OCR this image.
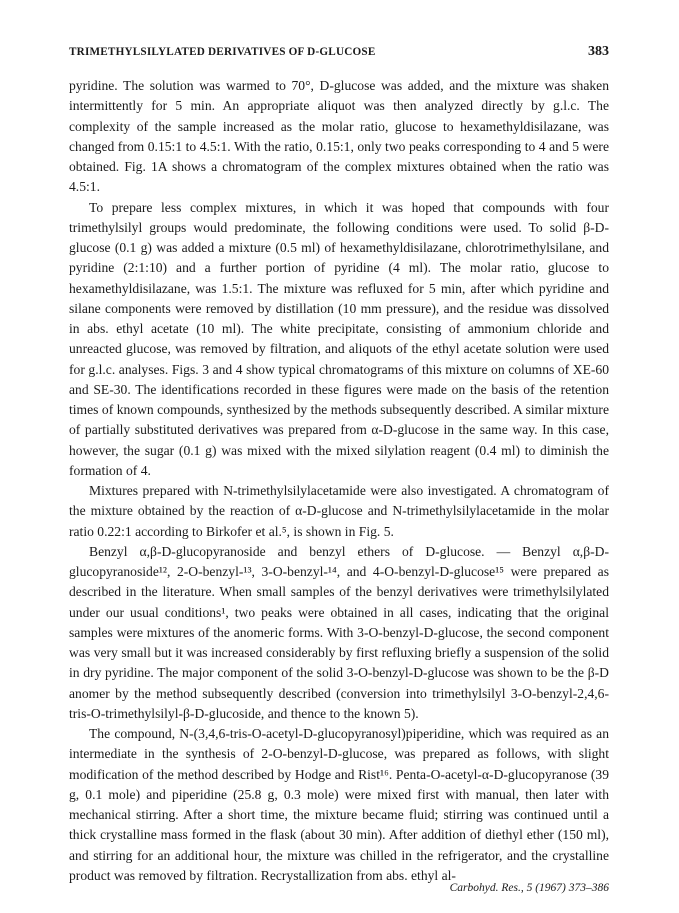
TRIMETHYLSILYLATED DERIVATIVES OF D-GLUCOSE	383

pyridine. The solution was warmed to 70°, D-glucose was added, and the mixture was shaken intermittently for 5 min. An appropriate aliquot was then analyzed directly by g.l.c. The complexity of the sample increased as the molar ratio, glucose to hexamethyldisilazane, was changed from 0.15:1 to 4.5:1. With the ratio, 0.15:1, only two peaks corresponding to 4 and 5 were obtained. Fig. 1A shows a chromatogram of the complex mixtures obtained when the ratio was 4.5:1.

To prepare less complex mixtures, in which it was hoped that compounds with four trimethylsilyl groups would predominate, the following conditions were used. To solid β-D-glucose (0.1 g) was added a mixture (0.5 ml) of hexamethyldisilazane, chlorotrimethylsilane, and pyridine (2:1:10) and a further portion of pyridine (4 ml). The molar ratio, glucose to hexamethyldisilazane, was 1.5:1. The mixture was refluxed for 5 min, after which pyridine and silane components were removed by distillation (10 mm pressure), and the residue was dissolved in abs. ethyl acetate (10 ml). The white precipitate, consisting of ammonium chloride and unreacted glucose, was removed by filtration, and aliquots of the ethyl acetate solution were used for g.l.c. analyses. Figs. 3 and 4 show typical chromatograms of this mixture on columns of XE-60 and SE-30. The identifications recorded in these figures were made on the basis of the retention times of known compounds, synthesized by the methods subsequently described. A similar mixture of partially substituted derivatives was prepared from α-D-glucose in the same way. In this case, however, the sugar (0.1 g) was mixed with the mixed silylation reagent (0.4 ml) to diminish the formation of 4.

Mixtures prepared with N-trimethylsilylacetamide were also investigated. A chromatogram of the mixture obtained by the reaction of α-D-glucose and N-trimethylsilylacetamide in the molar ratio 0.22:1 according to Birkofer et al.⁵, is shown in Fig. 5.

Benzyl α,β-D-glucopyranoside and benzyl ethers of D-glucose. — Benzyl α,β-D-glucopyranoside¹², 2-O-benzyl-¹³, 3-O-benzyl-¹⁴, and 4-O-benzyl-D-glucose¹⁵ were prepared as described in the literature. When small samples of the benzyl derivatives were trimethylsilylated under our usual conditions¹, two peaks were obtained in all cases, indicating that the original samples were mixtures of the anomeric forms. With 3-O-benzyl-D-glucose, the second component was very small but it was increased considerably by first refluxing briefly a suspension of the solid in dry pyridine. The major component of the solid 3-O-benzyl-D-glucose was shown to be the β-D anomer by the method subsequently described (conversion into trimethylsilyl 3-O-benzyl-2,4,6-tris-O-trimethylsilyl-β-D-glucoside, and thence to the known 5).

The compound, N-(3,4,6-tris-O-acetyl-D-glucopyranosyl)piperidine, which was required as an intermediate in the synthesis of 2-O-benzyl-D-glucose, was prepared as follows, with slight modification of the method described by Hodge and Rist¹⁶. Penta-O-acetyl-α-D-glucopyranose (39 g, 0.1 mole) and piperidine (25.8 g, 0.3 mole) were mixed first with manual, then later with mechanical stirring. After a short time, the mixture became fluid; stirring was continued until a thick crystalline mass formed in the flask (about 30 min). After addition of diethyl ether (150 ml), and stirring for an additional hour, the mixture was chilled in the refrigerator, and the crystalline product was removed by filtration. Recrystallization from abs. ethyl al-

Carbohyd. Res., 5 (1967) 373–386
